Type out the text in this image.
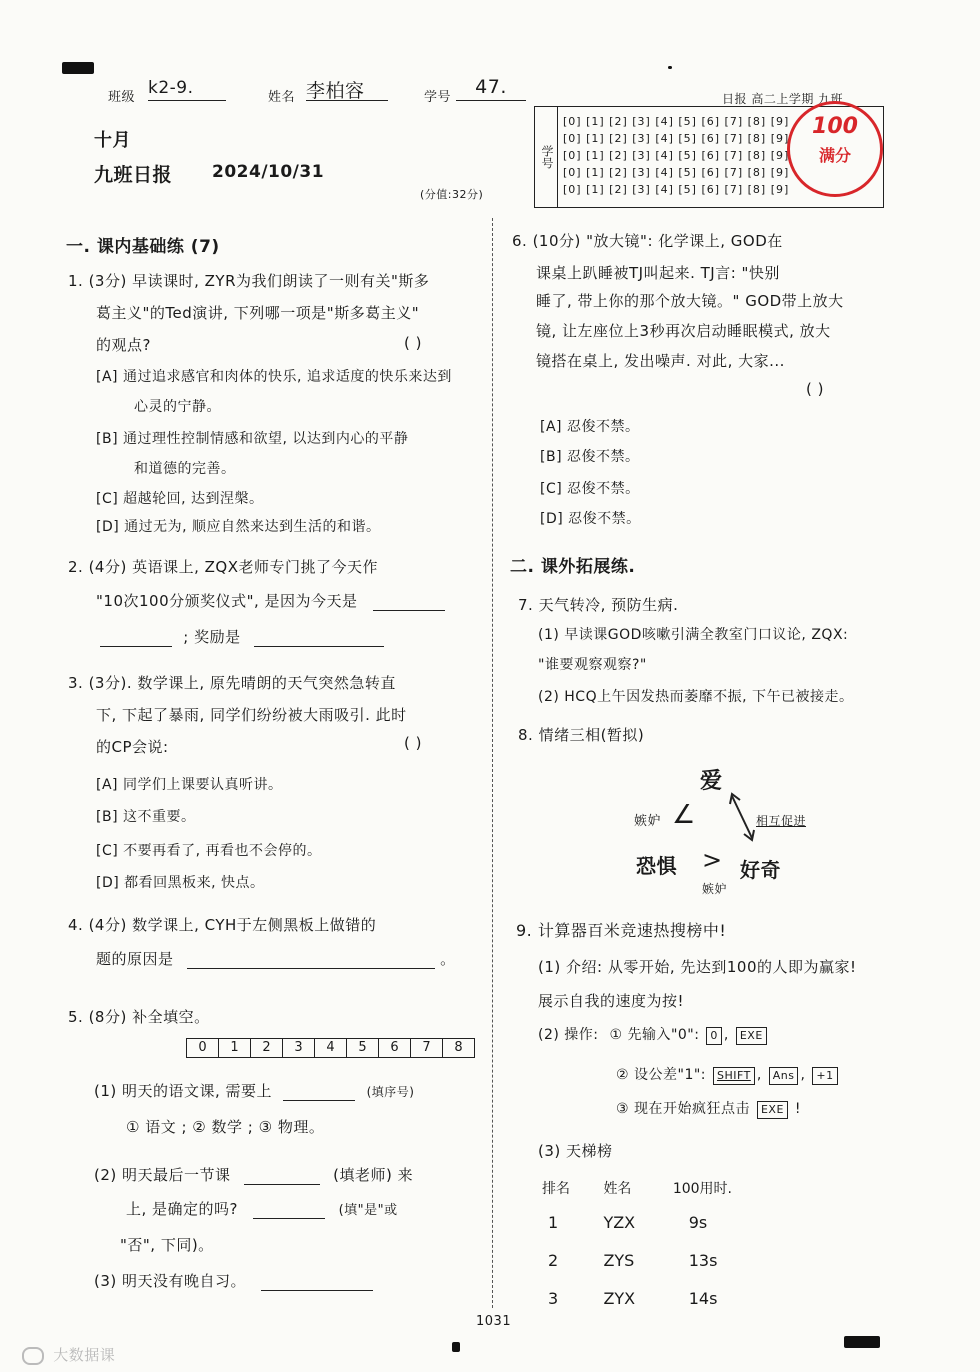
班级 k2-9.	姓名 李柏容	学号	47.
日报 高二上学期 九班
十月
九班日报 2024/10/31
(分值:32分)
学号
[0] [1] [2] [3] [4] [5] [6] [7] [8] [9]
[0] [1] [2] [3] [4] [5] [6] [7] [8] [9]
[0] [1] [2] [3] [4] [5] [6] [7] [8] [9]
[0] [1] [2] [3] [4] [5] [6] [7] [8] [9]
[0] [1] [2] [3] [4] [5] [6] [7] [8] [9]
100
满分
一. 课内基础练 (7)
1. (3分) 早读课时, ZYR为我们朗读了一则有关"斯多
葛主义"的Ted演讲, 下列哪一项是"斯多葛主义"
的观点?	( )
[A] 通过追求感官和肉体的快乐, 追求适度的快乐来达到
心灵的宁静。
[B] 通过理性控制情感和欲望, 以达到内心的平静
和道德的完善。
[C] 超越轮回, 达到涅槃。
[D] 通过无为, 顺应自然来达到生活的和谐。
2. (4分) 英语课上, ZQX老师专门挑了今天作
"10次100分颁奖仪式", 是因为今天是
; 奖励是
3. (3分). 数学课上, 原先晴朗的天气突然急转直
下, 下起了暴雨, 同学们纷纷被大雨吸引. 此时
的CP会说:	( )
[A] 同学们上课要认真听讲。
[B] 这不重要。
[C] 不要再看了, 再看也不会停的。
[D] 都看回黑板来, 快点。
4. (4分) 数学课上, CYH于左侧黑板上做错的
题的原因是	。
5. (8分) 补全填空。
0	1	2	3	4	5	6	7	8
(1) 明天的语文课, 需要上	(填序号)
① 语文 ; ② 数学 ; ③ 物理。
(2) 明天最后一节课	(填老师) 来
上, 是确定的吗?	(填"是"或
"否", 下同)。
(3) 明天没有晚自习。
6. (10分) "放大镜": 化学课上, GOD在
课桌上趴睡被TJ叫起来. TJ言: "快别
睡了, 带上你的那个放大镜。" GOD带上放大
镜, 让左座位上3秒再次启动睡眠模式, 放大
镜搭在桌上, 发出噪声. 对此, 大家...
( )
[A] 忍俊不禁。
[B] 忍俊不禁。
[C] 忍俊不禁。
[D] 忍俊不禁。
二. 课外拓展练.
7. 天气转冷, 预防生病.
(1) 早读课GOD咳嗽引满全教室门口议论, ZQX:
"谁要观察观察?"
(2) HCQ上午因发热而萎靡不振, 下午已被接走。
8. 情绪三相(暂拟)
爱
嫉妒 ∠	相互促进
恐惧 > 好奇
嫉妒
9. 计算器百米竞速热搜榜中!
(1) 介绍: 从零开始, 先达到100的人即为赢家!
展示自我的速度为按!
(2) 操作: ① 先输入"0": 0 , EXE
② 设公差"1": SHIFT , Ans , +1
③ 现在开始疯狂点击 EXE !
(3) 天梯榜
排名	姓名	100用时.
1	YZX	9s
2	ZYS	13s
3	ZYX	14s
1031
大数据课
